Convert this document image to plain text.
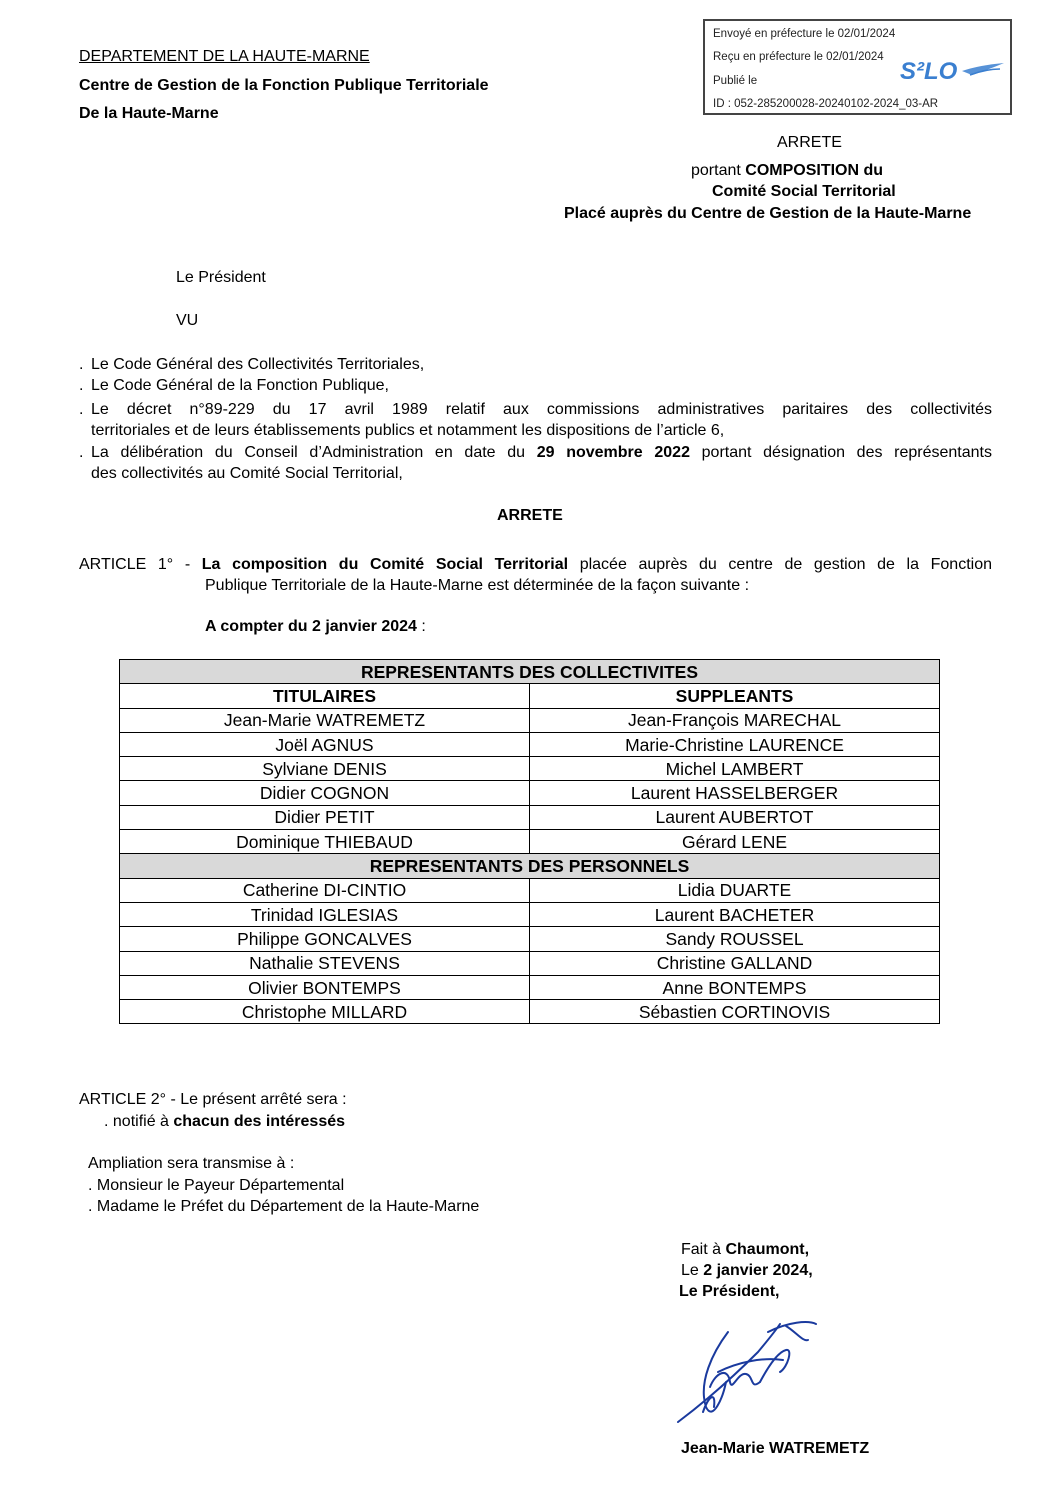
DEPARTEMENT DE LA HAUTE-MARNE
Centre de Gestion de la Fonction Publique Territoriale
De la Haute-Marne
Envoyé en préfecture le 02/01/2024
Reçu en préfecture le 02/01/2024
Publié le
ID : 052-285200028-20240102-2024_03-AR
S²LO
ARRETE
portant COMPOSITION du
Comité Social Territorial
Placé auprès du Centre de Gestion de la Haute-Marne
Le Président
VU
. Le Code Général des Collectivités Territoriales,
. Le Code Général de la Fonction Publique,
. Le décret n°89-229 du 17 avril 1989 relatif aux commissions administratives paritaires des collectivités
territoriales et de leurs établissements publics et notamment les dispositions de l’article 6,
. La délibération du Conseil d’Administration en date du 29 novembre 2022 portant désignation des représentants
des collectivités au Comité Social Territorial,
ARRETE
ARTICLE 1° - La composition du Comité Social Territorial placée auprès du centre de gestion de la Fonction
Publique Territoriale de la Haute-Marne est déterminée de la façon suivante :
A compter du 2 janvier 2024 :
REPRESENTANTS DES COLLECTIVITES	
TITULAIRES	SUPPLEANTS
Jean-Marie WATREMETZ	Jean-François MARECHAL
Joël AGNUS	Marie-Christine LAURENCE
Sylviane DENIS	Michel LAMBERT
Didier COGNON	Laurent HASSELBERGER
Didier PETIT	Laurent AUBERTOT
Dominique THIEBAUD	Gérard LENE
REPRESENTANTS DES PERSONNELS	
Catherine DI-CINTIO	Lidia DUARTE
Trinidad IGLESIAS	Laurent BACHETER
Philippe GONCALVES	Sandy ROUSSEL
Nathalie STEVENS	Christine GALLAND
Olivier BONTEMPS	Anne BONTEMPS
Christophe MILLARD	Sébastien CORTINOVIS
ARTICLE 2° - Le présent arrêté sera :
. notifié à chacun des intéressés
Ampliation sera transmise à :
. Monsieur le Payeur Départemental
. Madame le Préfet du Département de la Haute-Marne
Fait à Chaumont,
Le 2 janvier 2024,
Le Président,
Jean-Marie WATREMETZ
